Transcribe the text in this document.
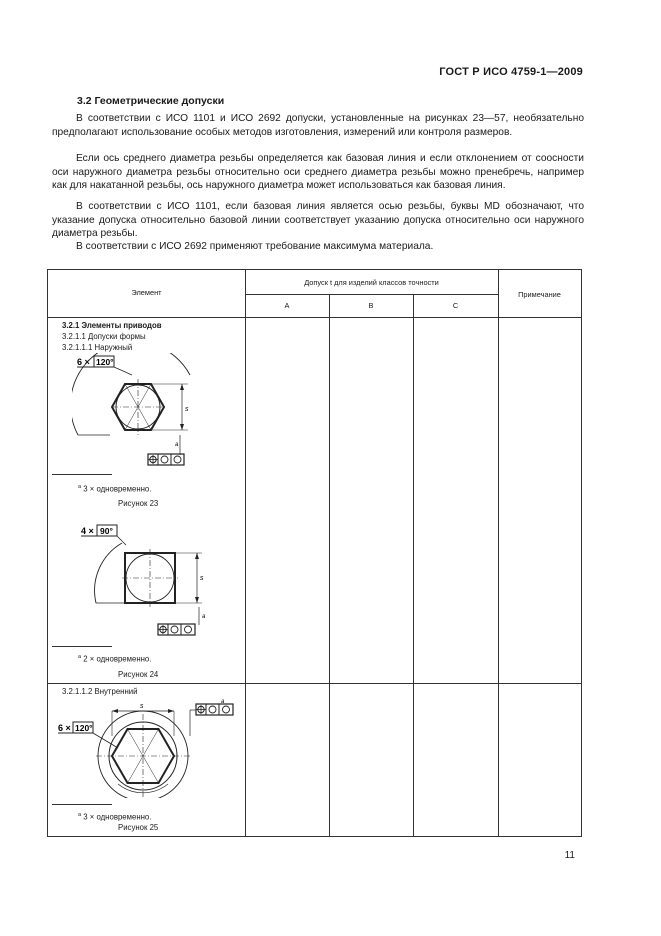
ГОСТ Р ИСО 4759-1—2009
3.2 Геометрические допуски

В соответствии с ИСО 1101 и ИСО 2692 допуски, установленные на рисунках 23—57, необязательно предполагают использование особых методов изготовления, измерений или контроля размеров.

Если ось среднего диаметра резьбы определяется как базовая линия и если отклонением от соосности оси наружного диаметра резьбы относительно оси среднего диаметра резьбы можно пренебречь, например как для накатанной резьбы, ось наружного диаметра может использоваться как базовая линия.

В соответствии с ИСО 1101, если базовая линия является осью резьбы, буквы MD обозначают, что указание допуска относительно базовой линии соответствует указанию допуска относительно оси наружного диаметра резьбы.

В соответствии с ИСО 2692 применяют требование максимума материала.

Элемент
Допуск t для изделий классов точности
A	B	C
Примечание
3.2.1 Элементы приводов
3.2.1.1 Допуски формы
3.2.1.1.1 Наружный
6 × 120°
s
a
$^a$ 3 × одновременно.
Рисунок 23
4 × 90°
s
a
$^a$ 2 × одновременно.
Рисунок 24
3.2.1.1.2 Внутренний
s
a
6 × 120°
$^a$ 3 × одновременно.
Рисунок 25
11
